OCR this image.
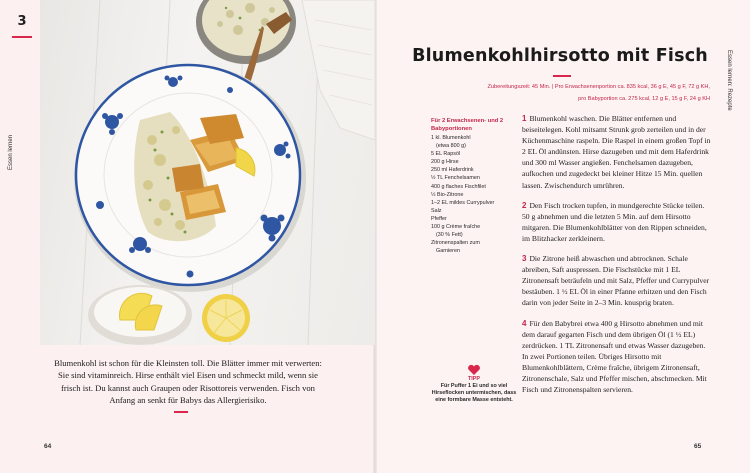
3
Essen lernen
Blumenkohl ist schon für die Kleinsten toll. Die Blätter immer mit verwerten: Sie sind vitaminreich. Hirse enthält viel Eisen und schmeckt mild, wenn sie frisch ist. Du kannst auch Graupen oder Risottoreis verwenden. Fisch von Anfang an senkt für Babys das Allergierisiko.
64
Blumenkohlhirsotto mit Fisch
Zubereitungszeit: 45 Min. | Pro Erwachsenenportion ca. 835 kcal, 36 g E, 45 g F, 72 g KH,
pro Babyportion ca. 275 kcal, 12 g E, 15 g F, 24 g KH	Essen lernen: Rezepte
Für 2 Erwachsenen- und 2 Babyportionen
1 kl. Blumenkohl
(etwa 800 g)
5 EL Rapsöl
200 g Hirse
250 ml Haferdrink
½ TL Fenchelsamen
400 g flaches Fischfilet
½ Bio-Zitrone
1–2 EL mildes Currypulver
Salz
Pfeffer
100 g Crème fraîche
(30 % Fett)
Zitronenspalten zum
Garnieren

1 Blumenkohl waschen. Die Blätter entfernen und beiseitelegen. Kohl mitsamt Strunk grob zerteilen und in der Küchenmaschine raspeln. Die Raspel in einem großen Topf in 2 EL Öl andünsten. Hirse dazugeben und mit dem Haferdrink und 300 ml Wasser angießen. Fenchelsamen dazugeben, aufkochen und zugedeckt bei kleiner Hitze 15 Min. quellen lassen. Zwischendurch umrühren.

2 Den Fisch trocken tupfen, in mundgerechte Stücke teilen. 50 g abnehmen und die letzten 5 Min. auf dem Hirsotto mitgaren. Die Blumenkohlblätter von den Rippen schneiden, im Blitzhacker zerkleinern.

3 Die Zitrone heiß abwaschen und abtrocknen. Schale abreiben, Saft auspressen. Die Fischstücke mit 1 EL Zitronensaft beträufeln und mit Salz, Pfeffer und Currypulver bestäuben. 1 ½ EL Öl in einer Pfanne erhitzen und den Fisch darin von jeder Seite in 2–3 Min. knusprig braten.

4 Für den Babybrei etwa 400 g Hirsotto abnehmen und mit dem darauf gegarten Fisch und dem übrigen Öl (1 ½ EL) zerdrücken. 1 TL Zitronensaft und etwas Wasser dazugeben. In zwei Portionen teilen. Übriges Hirsotto mit Blumenkohlblättern, Crème fraîche, übrigem Zitronensaft, Zitronenschale, Salz und Pfeffer mischen, abschmecken. Mit Fisch und Zitronenspalten servieren.

TIPP
Für Puffer 1 Ei und so viel Hirseflocken untermischen, dass eine formbare Masse entsteht.
65
